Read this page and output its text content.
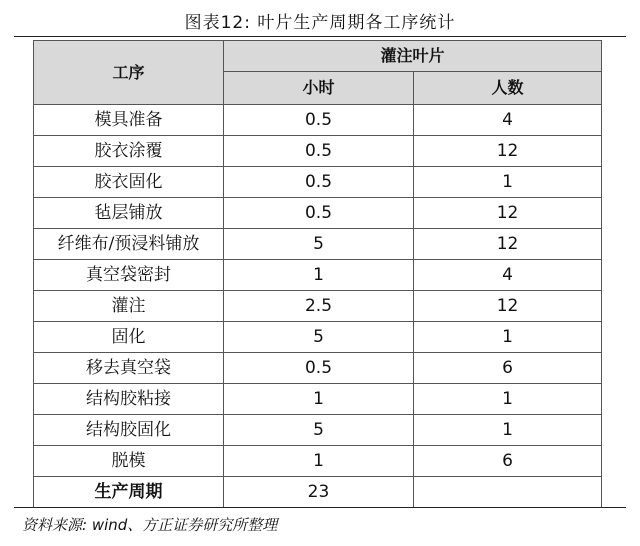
图表12: 叶片生产周期各工序统计
工序	灌注叶片	
	小时	人数
模具准备	0.5	4
胶衣涂覆	0.5	12
胶衣固化	0.5	1
毡层铺放	0.5	12
纤维布/预浸料铺放	5	12
真空袋密封	1	4
灌注	2.5	12
固化	5	1
移去真空袋	0.5	6
结构胶粘接	1	1
结构胶固化	5	1
脱模	1	6
生产周期	23	
资料来源: wind、方正证券研究所整理
